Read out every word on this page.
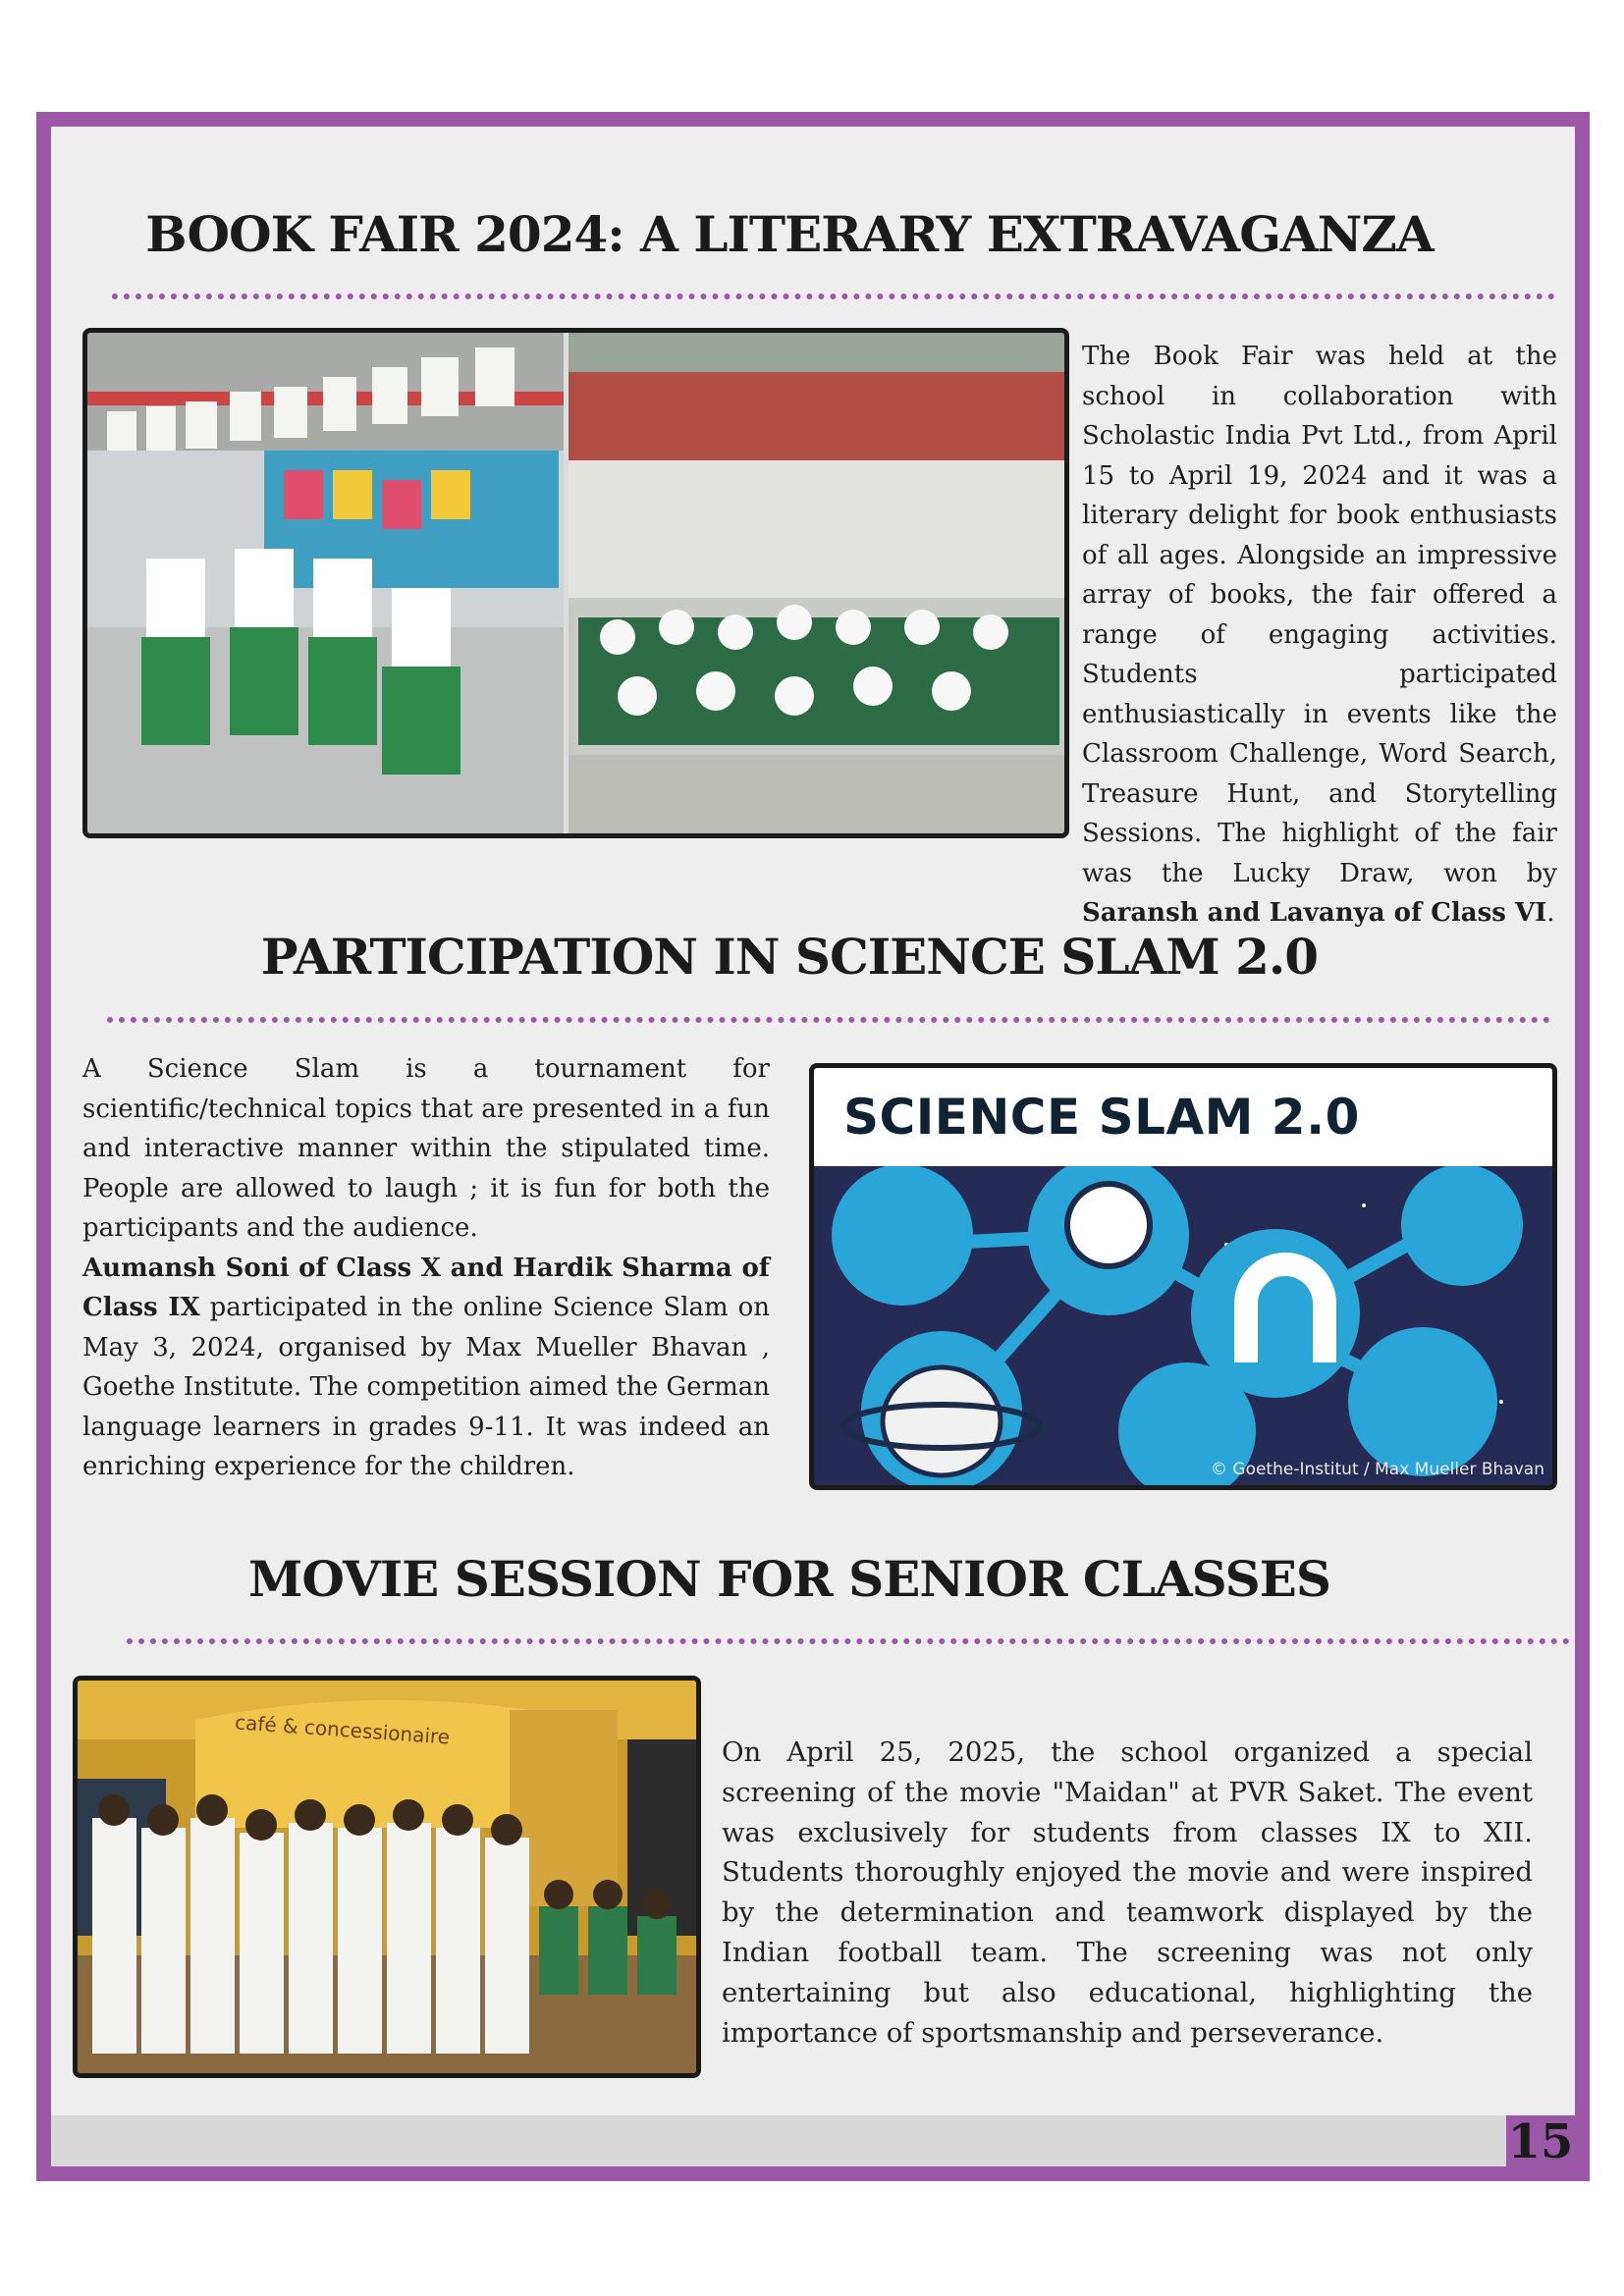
BOOK FAIR 2024: A LITERARY EXTRAVAGANZA
The Book Fair was held at the school in collaboration with Scholastic India Pvt Ltd., from April 15 to April 19, 2024 and it was a literary delight for book enthusiasts of all ages. Alongside an impressive array of books, the fair offered a range of engaging activities. Students participated enthusiastically in events like the Classroom Challenge, Word Search, Treasure Hunt, and Storytelling Sessions. The highlight of the fair was the Lucky Draw, won by Saransh and Lavanya of Class VI.
PARTICIPATION IN SCIENCE SLAM 2.0
A Science Slam is a tournament for scientific/technical topics that are presented in a fun and interactive manner within the stipulated time. People are allowed to laugh ; it is fun for both the participants and the audience.
Aumansh Soni of Class X and Hardik Sharma of Class IX participated in the online Science Slam on May 3, 2024, organised by Max Mueller Bhavan , Goethe Institute. The competition aimed the German language learners in grades 9-11. It was indeed an enriching experience for the children.
SCIENCE SLAM 2.0
© Goethe-Institut / Max Mueller Bhavan
MOVIE SESSION FOR SENIOR CLASSES
café & concessionaire
On April 25, 2025, the school organized a special screening of the movie "Maidan" at PVR Saket. The event was exclusively for students from classes IX to XII. Students thoroughly enjoyed the movie and were inspired by the determination and teamwork displayed by the Indian football team. The screening was not only entertaining but also educational, highlighting the importance of sportsmanship and perseverance.
15
